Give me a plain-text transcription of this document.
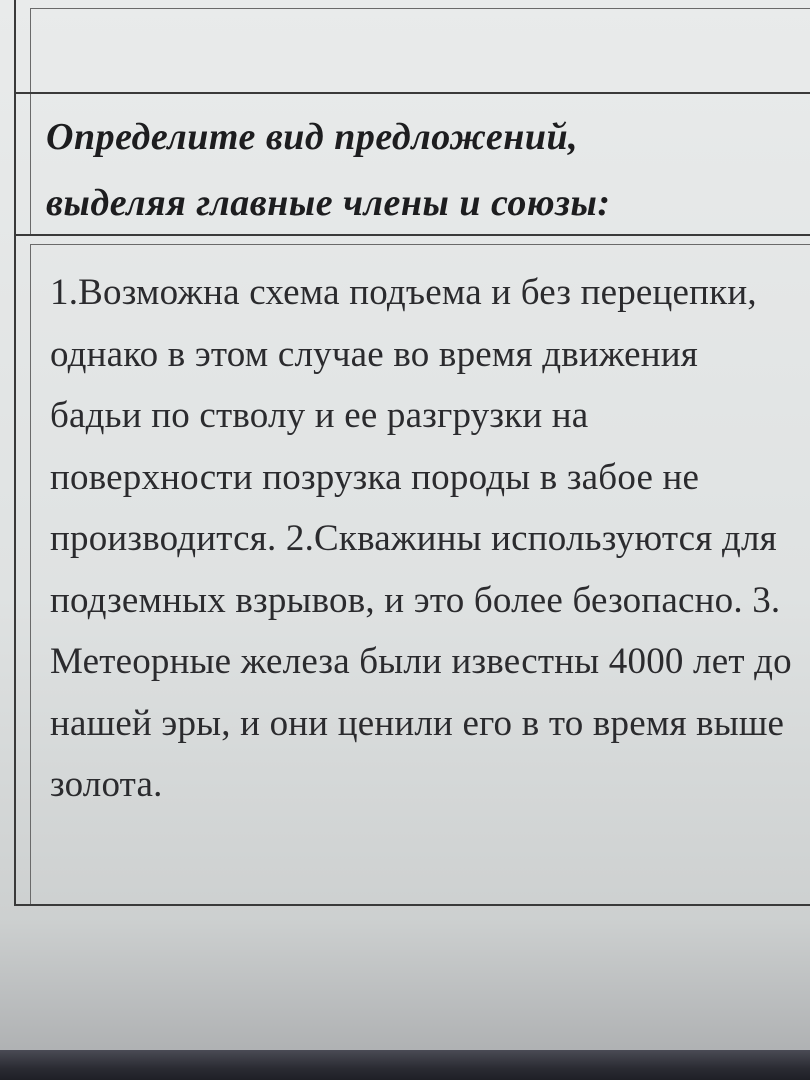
Определите вид предложений,
выделяя главные члены и союзы:

1.Возможна схема подъема и без перецепки, однако в этом случае во время движения бадьи по стволу и ее разгрузки на поверхности позрузка породы в забое не производится. 2.Скважины используются для подземных взрывов, и это более безопасно. 3. Метеорные железа были известны 4000 лет до нашей эры, и они ценили его в то время выше золота.
